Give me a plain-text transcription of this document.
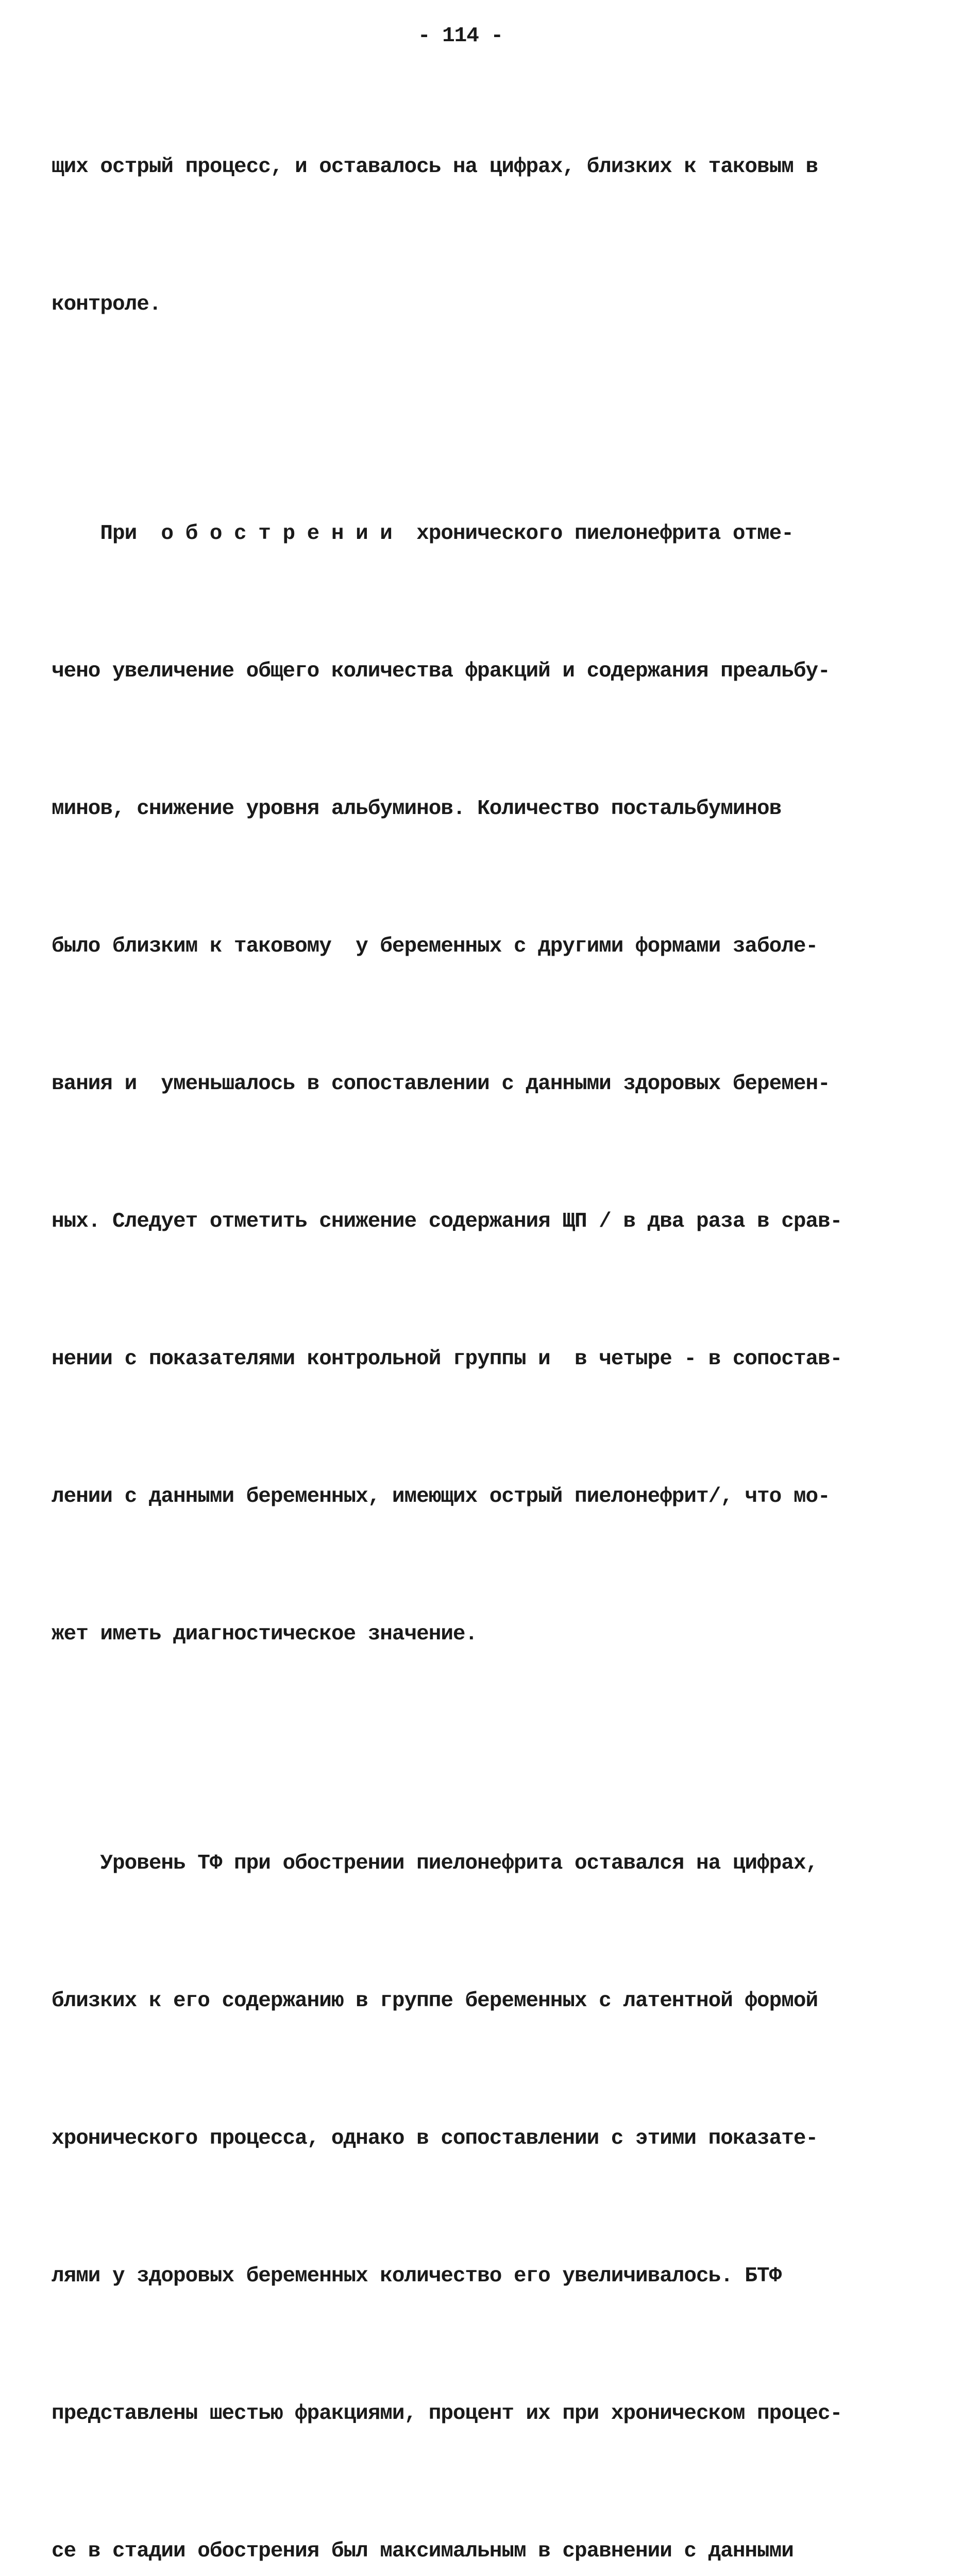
- 114 -

щих острый процесс, и оставалось на цифрах, близких к таковым в

контроле.

При  о б о с т р е н и и  хронического пиелонефрита отме-

чено увеличение общего количества фракций и содержания преальбу-

минов, снижение уровня альбуминов. Количество постальбуминов

было близким к таковому  у беременных с другими формами заболе-

вания и  уменьшалось в сопоставлении с данными здоровых беремен-

ных. Следует отметить снижение содержания ЩП / в два раза в срав-

нении с показателями контрольной группы и  в четыре - в сопостав-

лении с данными беременных, имеющих острый пиелонефрит/, что мо-

жет иметь диагностическое значение.

Уровень ТФ при обострении пиелонефрита оставался на цифрах,

близких к его содержанию в группе беременных с латентной формой

хронического процесса, однако в сопоставлении с этими показате-

лями у здоровых беременных количество его увеличивалось. БТФ

представлены шестью фракциями, процент их при хроническом процес-

се в стадии обострения был максимальным в сравнении с данными
